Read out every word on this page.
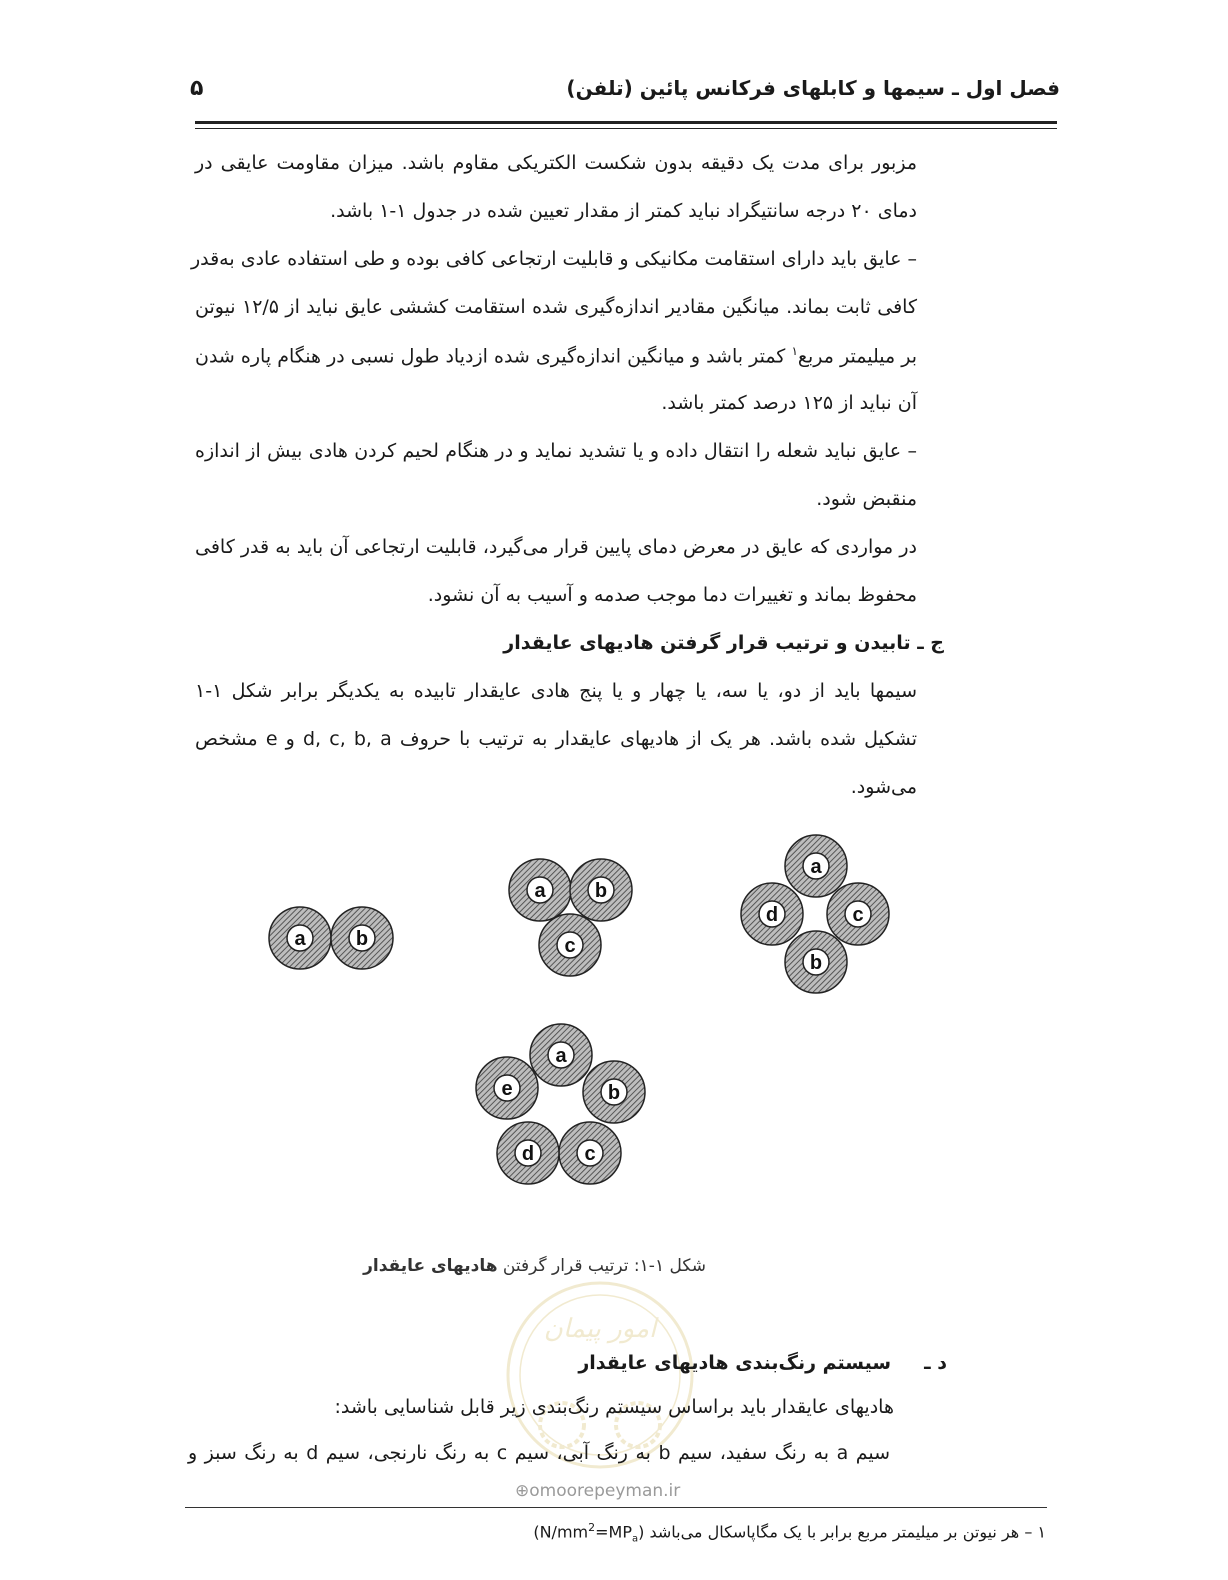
فصل اول ـ سیمها و کابلهای فرکانس پائین (تلفن)
۵
مزبور برای مدت یک دقیقه بدون شکست الکتریکی مقاوم باشد. میزان مقاومت عایقی در
دمای ۲۰ درجه سانتیگراد نباید کمتر از مقدار تعیین شده در جدول ۱-۱ باشد.
– عایق باید دارای استقامت مکانیکی و قابلیت ارتجاعی کافی بوده و طی استفاده عادی به‌قدر
کافی ثابت بماند. میانگین مقادیر اندازه‌گیری شده استقامت کششی عایق نباید از ۱۲/۵ نیوتن
بر میلیمتر مربع$^۱$ کمتر باشد و میانگین اندازه‌گیری شده ازدیاد طول نسبی در هنگام پاره شدن
آن نباید از ۱۲۵ درصد کمتر باشد.
– عایق نباید شعله را انتقال داده و یا تشدید نماید و در هنگام لحیم کردن هادی بیش از اندازه
منقبض شود.
در مواردی که عایق در معرض دمای پایین قرار می‌گیرد، قابلیت ارتجاعی آن باید به قدر کافی
محفوظ بماند و تغییرات دما موجب صدمه و آسیب به آن نشود.
ج ـ تابیدن و ترتیب قرار گرفتن هادیهای عایقدار
سیمها باید از دو، یا سه، یا چهار و یا پنج هادی عایقدار تابیده به یکدیگر برابر شکل ۱-۱
تشکیل شده باشد. هر یک از هادیهای عایقدار به ترتیب با حروف d, c, b, a و e مشخص
می‌شود.
a	b
a b
c
a
c
b
d
a
b
c
d
e
شکل ۱-۱: ترتیب قرار گرفتن هادیهای عایقدار
امور پیمان
⊕omoorepeyman.ir
د ـ     سیستم رنگ‌بندی هادیهای عایقدار
هادیهای عایقدار باید براساس سیستم رنگ‌بندی زیر قابل شناسایی باشد:
سیم a به رنگ سفید، سیم b به رنگ آبی، سیم c به رنگ نارنجی، سیم d به رنگ سبز و
۱ – هر نیوتن بر میلیمتر مربع برابر با یک مگاپاسکال می‌باشد $(N/mm^2=MP_a)$
